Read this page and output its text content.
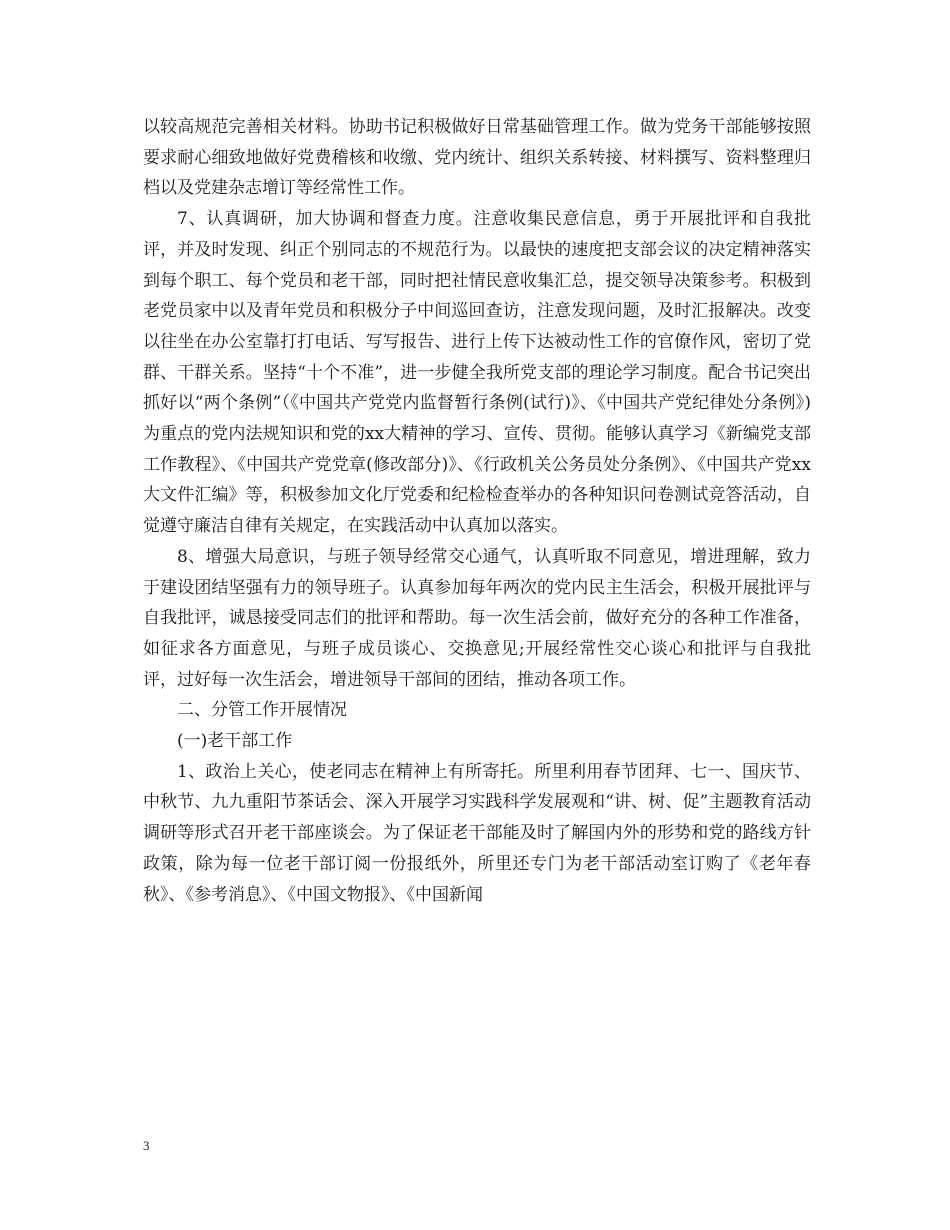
以较高规范完善相关材料。协助书记积极做好日常基础管理工作。做为党务干部能够按照要求耐心细致地做好党费稽核和收缴、党内统计、组织关系转接、材料撰写、资料整理归档以及党建杂志增订等经常性工作。

7、认真调研，加大协调和督查力度。注意收集民意信息，勇于开展批评和自我批评，并及时发现、纠正个别同志的不规范行为。以最快的速度把支部会议的决定精神落实到每个职工、每个党员和老干部，同时把社情民意收集汇总，提交领导决策参考。积极到老党员家中以及青年党员和积极分子中间巡回查访，注意发现问题，及时汇报解决。改变以往坐在办公室靠打打电话、写写报告、进行上传下达被动性工作的官僚作风，密切了党群、干群关系。坚持“十个不准”，进一步健全我所党支部的理论学习制度。配合书记突出抓好以“两个条例”（《中国共产党党内监督暂行条例(试行)》、《中国共产党纪律处分条例》)为重点的党内法规知识和党的xx大精神的学习、宣传、贯彻。能够认真学习《新编党支部工作教程》、《中国共产党党章(修改部分)》、《行政机关公务员处分条例》、《中国共产党xx大文件汇编》等，积极参加文化厅党委和纪检检查举办的各种知识问卷测试竞答活动，自觉遵守廉洁自律有关规定，在实践活动中认真加以落实。

8、增强大局意识，与班子领导经常交心通气，认真听取不同意见，增进理解，致力于建设团结坚强有力的领导班子。认真参加每年两次的党内民主生活会，积极开展批评与自我批评，诚恳接受同志们的批评和帮助。每一次生活会前，做好充分的各种工作准备，如征求各方面意见，与班子成员谈心、交换意见;开展经常性交心谈心和批评与自我批评，过好每一次生活会，增进领导干部间的团结，推动各项工作。

二、分管工作开展情况

(一)老干部工作

1、政治上关心，使老同志在精神上有所寄托。所里利用春节团拜、七一、国庆节、中秋节、九九重阳节茶话会、深入开展学习实践科学发展观和“讲、树、促”主题教育活动调研等形式召开老干部座谈会。为了保证老干部能及时了解国内外的形势和党的路线方针政策，除为每一位老干部订阅一份报纸外，所里还专门为老干部活动室订购了《老年春秋》、《参考消息》、《中国文物报》、《中国新闻

3
